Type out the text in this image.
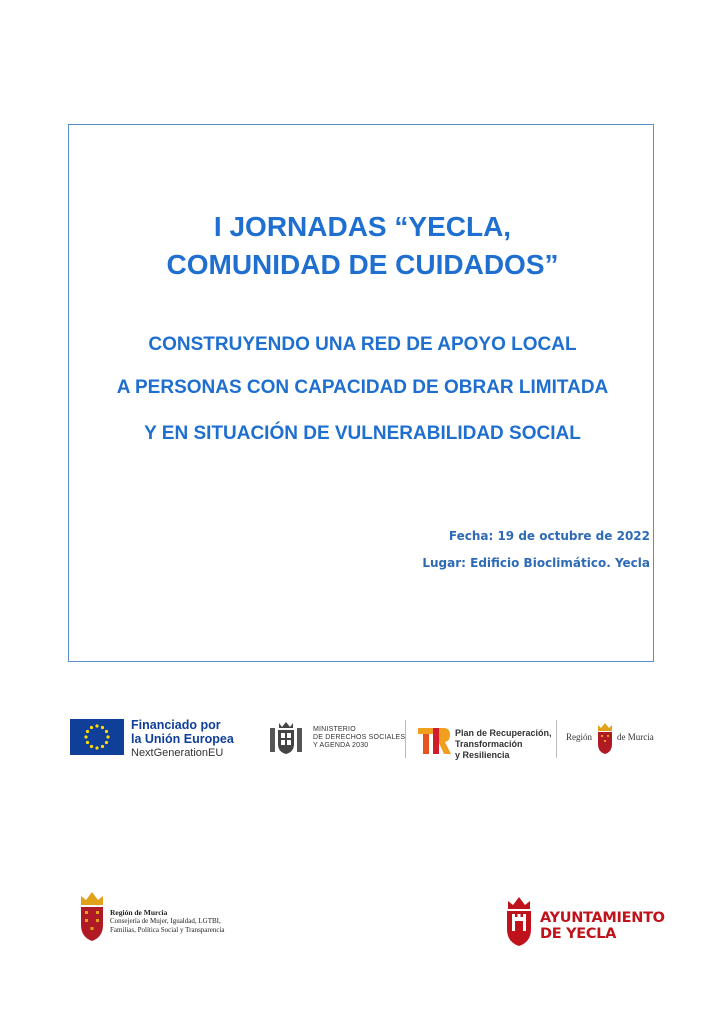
I JORNADAS “YECLA,
COMUNIDAD DE CUIDADOS”
CONSTRUYENDO UNA RED DE APOYO LOCAL
A PERSONAS CON CAPACIDAD DE OBRAR LIMITADA
Y EN SITUACIÓN DE VULNERABILIDAD SOCIAL
Fecha: 19 de octubre de 2022
Lugar: Edificio Bioclimático. Yecla
Financiado por
la Unión Europea
NextGenerationEU
MINISTERIO
DE DERECHOS SOCIALES
Y AGENDA 2030
Plan de Recuperación,
Transformación
y Resiliencia
Región	de Murcia
Región de Murcia
Consejería de Mujer, Igualdad, LGTBI,
Familias, Política Social y Transparencia
AYUNTAMIENTO
DE YECLA
